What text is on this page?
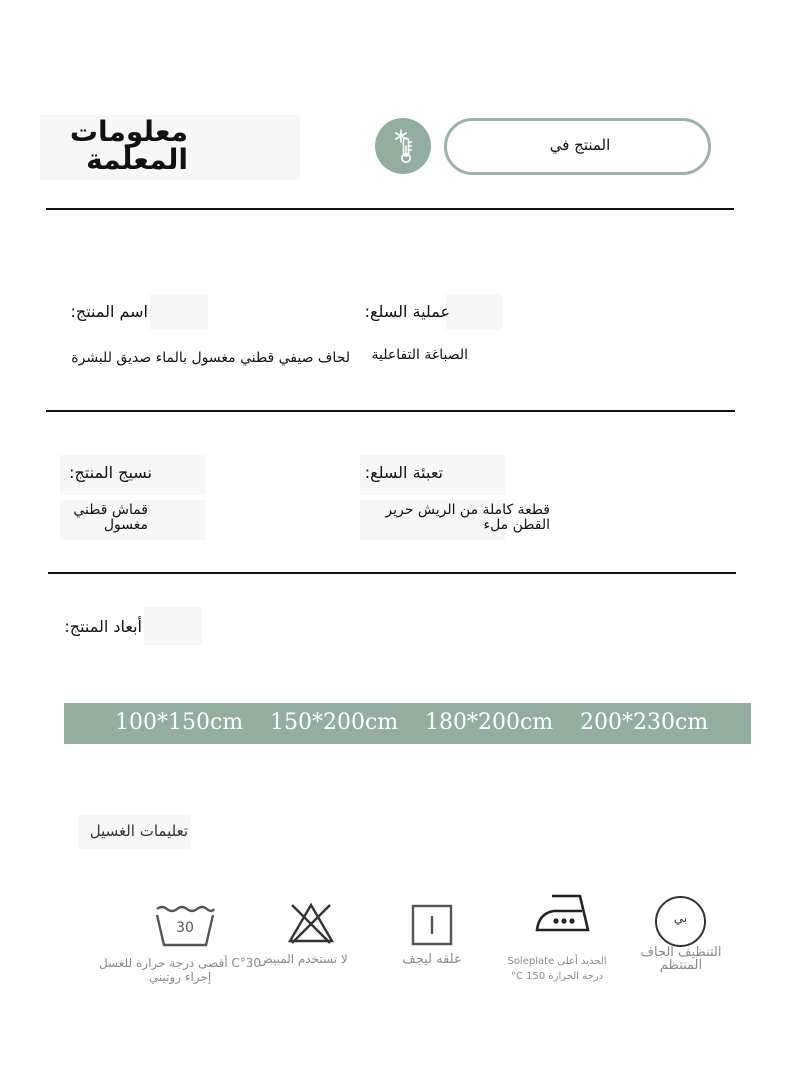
معلومات
المعلمة	المنتج في
اسم المنتج:
لحاف صيفي قطني مغسول بالماء صديق للبشرة
عملية السلع:
الصباغة التفاعلية
نسيج المنتج:
قماش قطني
مغسول
تعبئة السلع:
قطعة كاملة من الريش حرير
القطن ملء
أبعاد المنتج:
100*150cm 150*200cm 180*200cm 200*230cm
تعليمات الغسيل
30
C°30 أقصى درجة حرارة للغسل
إجراء روتيني
لا تستخدم المبيض	علقه ليجف	الحديد أعلى Soleplate
درجة الحرارة 150 C°
بي
التنظيف الجاف
المنتظم
